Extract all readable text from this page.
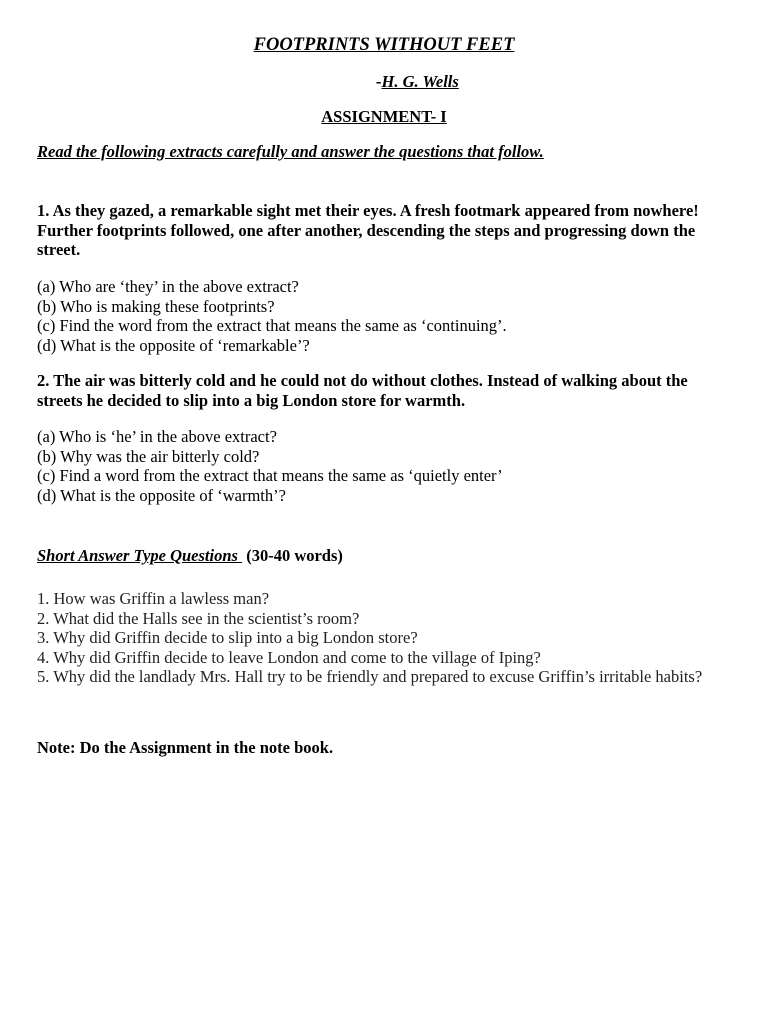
FOOTPRINTS WITHOUT FEET
-H. G. Wells
ASSIGNMENT- I
Read the following extracts carefully and answer the questions that follow.
1. As they gazed, a remarkable sight met their eyes. A fresh footmark appeared from nowhere! Further footprints followed, one after another, descending the steps and progressing down the street.
(a) Who are ‘they’ in the above extract?
(b) Who is making these footprints?
(c) Find the word from the extract that means the same as ‘continuing’.
(d) What is the opposite of ‘remarkable’?
2. The air was bitterly cold and he could not do without clothes. Instead of walking about the streets he decided to slip into a big London store for warmth.
(a) Who is ‘he’ in the above extract?
(b) Why was the air bitterly cold?
(c) Find a word from the extract that means the same as ‘quietly enter’
(d) What is the opposite of ‘warmth’?
Short Answer Type Questions  (30-40 words)
1. How was Griffin a lawless man?
2. What did the Halls see in the scientist’s room?
3. Why did Griffin decide to slip into a big London store?
4. Why did Griffin decide to leave London and come to the village of Iping?
5. Why did the landlady Mrs. Hall try to be friendly and prepared to excuse Griffin’s irritable habits?
Note: Do the Assignment in the note book.
